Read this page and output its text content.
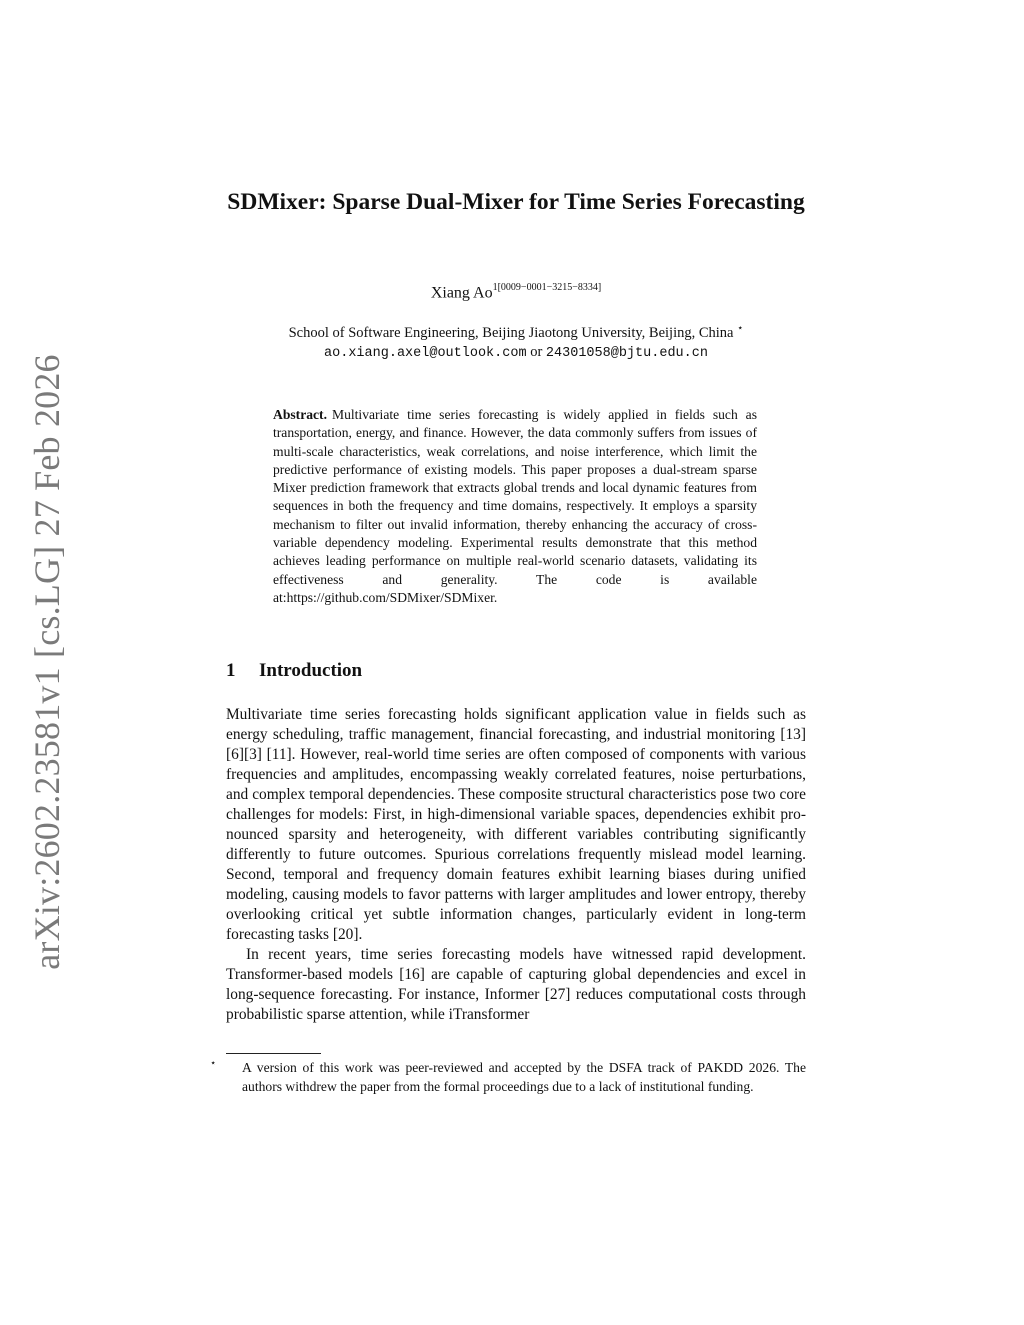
arXiv:2602.23581v1 [cs.LG] 27 Feb 2026
SDMixer: Sparse Dual-Mixer for Time Series Forecasting
Xiang $Ao^{1[0009-0001-3215-8334]}$
School of Software Engineering, Beijing Jiaotong University, Beijing, China ⋆
ao.xiang.axel@outlook.com or 24301058@bjtu.edu.cn
Abstract. Multivariate time series forecasting is widely applied in fields such as transportation, energy, and finance. However, the data commonly suffers from issues of multi-scale characteristics, weak correlations, and noise interference, which limit the predictive performance of existing models. This paper proposes a dual-stream sparse Mixer prediction framework that extracts global trends and local dynamic features from sequences in both the frequency and time domains, respectively. It employs a sparsity mechanism to filter out invalid information, thereby enhancing the accuracy of cross-variable dependency modeling. Experimental results demonstrate that this method achieves leading performance on multiple real-world scenario datasets, validating its effectiveness and generality. The code is available at:https://github.com/SDMixer/SDMixer.
1 Introduction

Multivariate time series forecasting holds significant application value in fields such as energy scheduling, traffic management, financial forecasting, and industrial monitoring [13][6][3] [11]. However, real-world time series are often composed of components with various frequencies and amplitudes, encompassing weakly correlated features, noise perturbations, and complex temporal dependencies. These composite structural characteristics pose two core challenges for models: First, in high-dimensional variable spaces, dependencies exhibit pronounced sparsity and heterogeneity, with different variables contributing significantly differently to future outcomes. Spurious correlations frequently mislead model learning. Second, temporal and frequency domain features exhibit learning biases during unified modeling, causing models to favor patterns with larger amplitudes and lower entropy, thereby overlooking critical yet subtle information changes, particularly evident in long-term forecasting tasks [20].

In recent years, time series forecasting models have witnessed rapid development. Transformer-based models [16] are capable of capturing global dependencies and excel in long-sequence forecasting. For instance, Informer [27] reduces computational costs through probabilistic sparse attention, while iTransformer

⋆ A version of this work was peer-reviewed and accepted by the DSFA track of PAKDD 2026. The authors withdrew the paper from the formal proceedings due to a lack of institutional funding.
